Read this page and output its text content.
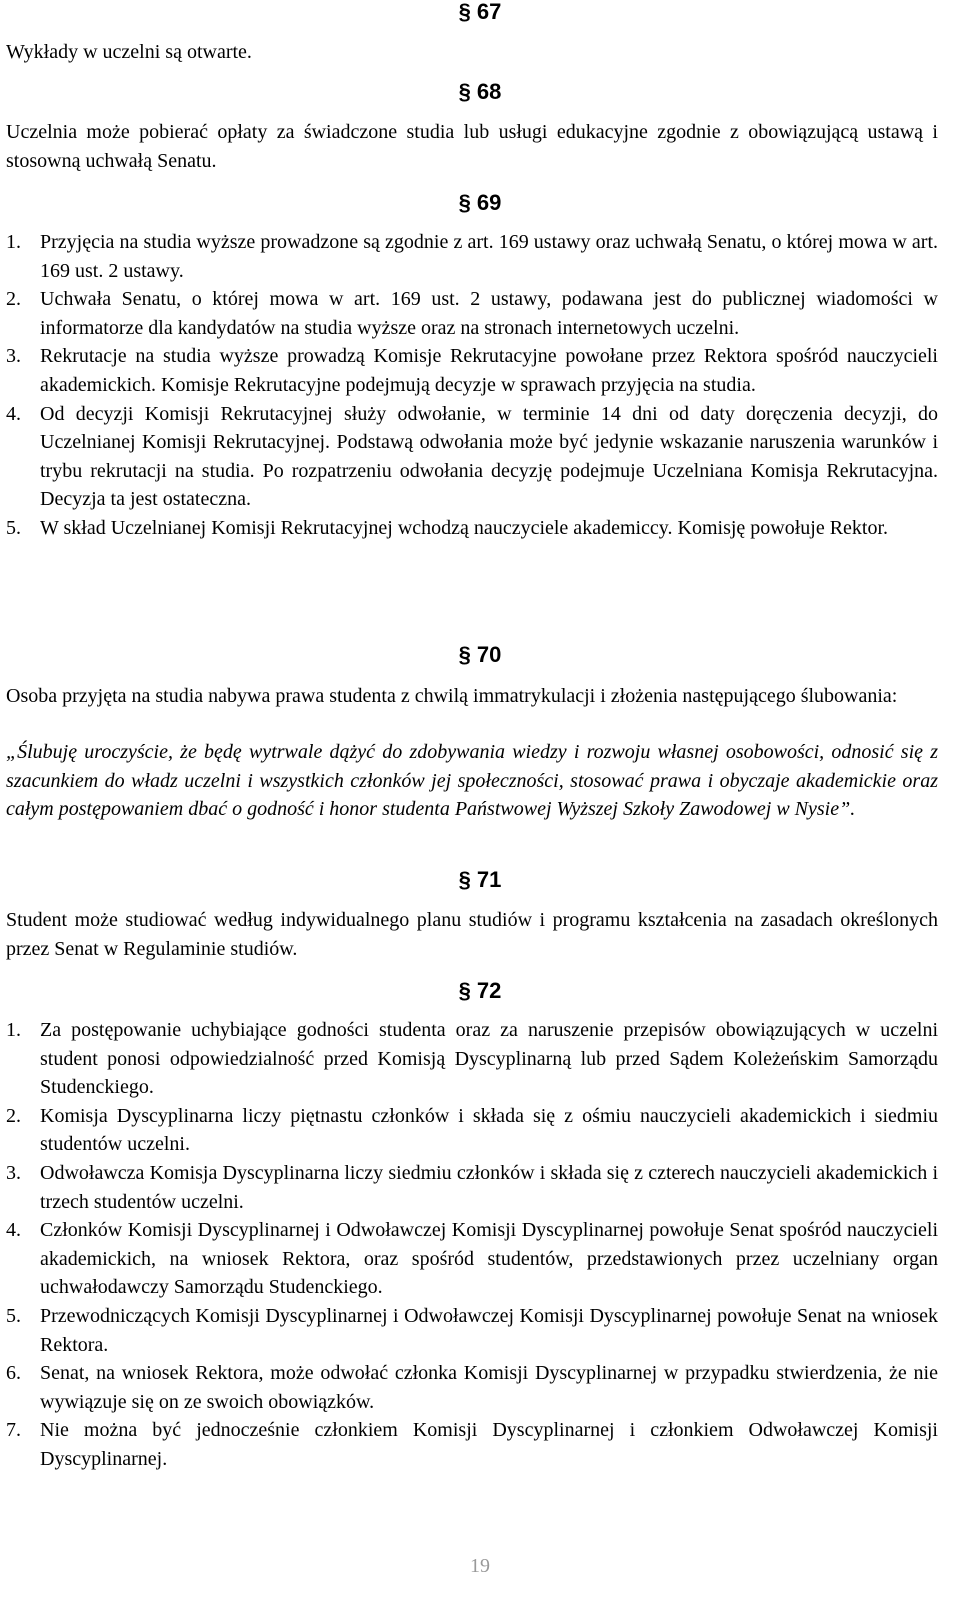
§ 67

Wykłady w uczelni są otwarte.

§ 68

Uczelnia może pobierać opłaty za świadczone studia lub usługi edukacyjne zgodnie z obowiązującą ustawą i stosowną uchwałą Senatu.

§ 69
1. Przyjęcia na studia wyższe prowadzone są zgodnie z art. 169 ustawy oraz uchwałą Senatu, o której mowa w art. 169 ust. 2 ustawy.
2. Uchwała Senatu, o której mowa w art. 169 ust. 2 ustawy, podawana jest do publicznej wiadomości w informatorze dla kandydatów na studia wyższe oraz na stronach internetowych uczelni.
3. Rekrutacje na studia wyższe prowadzą Komisje Rekrutacyjne powołane przez Rektora spośród nauczycieli akademickich. Komisje Rekrutacyjne podejmują decyzje w sprawach przyjęcia na studia.
4. Od decyzji Komisji Rekrutacyjnej służy odwołanie, w terminie 14 dni od daty doręczenia decyzji, do Uczelnianej Komisji Rekrutacyjnej. Podstawą odwołania może być jedynie wskazanie naruszenia warunków i trybu rekrutacji na studia. Po rozpatrzeniu odwołania decyzję podejmuje Uczelniana Komisja Rekrutacyjna. Decyzja ta jest ostateczna.
5. W skład Uczelnianej Komisji Rekrutacyjnej wchodzą nauczyciele akademiccy. Komisję powołuje Rektor.
§ 70

Osoba przyjęta na studia nabywa prawa studenta z chwilą immatrykulacji i złożenia następującego ślubowania:

„Ślubuję uroczyście, że będę wytrwale dążyć do zdobywania wiedzy i rozwoju własnej osobowości, odnosić się z szacunkiem do władz uczelni i wszystkich członków jej społeczności, stosować prawa i obyczaje akademickie oraz całym postępowaniem dbać o godność i honor studenta Państwowej Wyższej Szkoły Zawodowej w Nysie”.

§ 71

Student może studiować według indywidualnego planu studiów i programu kształcenia na zasadach określonych przez Senat w Regulaminie studiów.

§ 72
1. Za postępowanie uchybiające godności studenta oraz za naruszenie przepisów obowiązujących w uczelni student ponosi odpowiedzialność przed Komisją Dyscyplinarną lub przed Sądem Koleżeńskim Samorządu Studenckiego.
2. Komisja Dyscyplinarna liczy piętnastu członków i składa się z ośmiu nauczycieli akademickich i siedmiu studentów uczelni.
3. Odwoławcza Komisja Dyscyplinarna liczy siedmiu członków i składa się z czterech nauczycieli akademickich i trzech studentów uczelni.
4. Członków Komisji Dyscyplinarnej i Odwoławczej Komisji Dyscyplinarnej powołuje Senat spośród nauczycieli akademickich, na wniosek Rektora, oraz spośród studentów, przedstawionych przez uczelniany organ uchwałodawczy Samorządu Studenckiego.
5. Przewodniczących Komisji Dyscyplinarnej i Odwoławczej Komisji Dyscyplinarnej powołuje Senat na wniosek Rektora.
6. Senat, na wniosek Rektora, może odwołać członka Komisji Dyscyplinarnej w przypadku stwierdzenia, że nie wywiązuje się on ze swoich obowiązków.
7. Nie można być jednocześnie członkiem Komisji Dyscyplinarnej i członkiem Odwoławczej Komisji Dyscyplinarnej.
19
